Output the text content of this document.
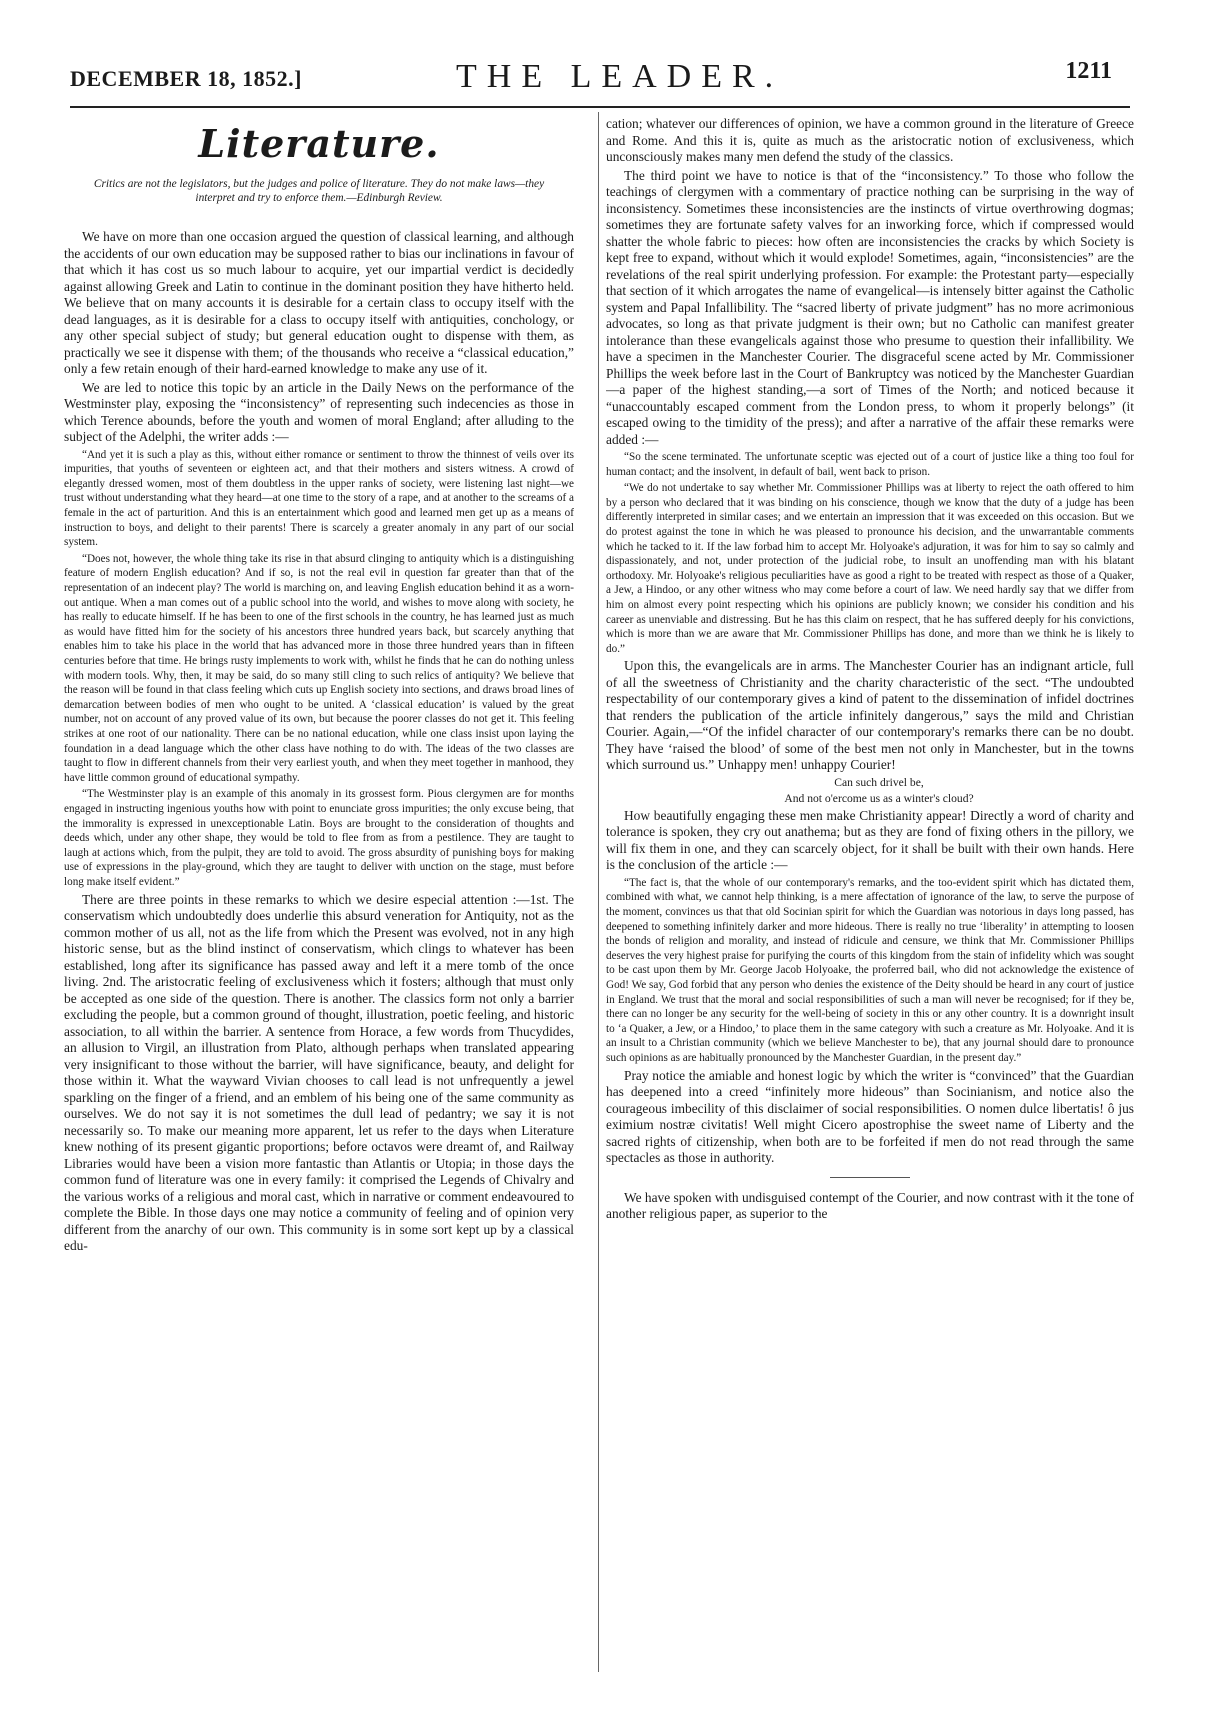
DECEMBER 18, 1852.]	THE LEADER.	1211
Literature.
Critics are not the legislators, but the judges and police of literature. They do not make laws—they interpret and try to enforce them.—Edinburgh Review.

We have on more than one occasion argued the question of classical learning, and although the accidents of our own education may be supposed rather to bias our inclinations in favour of that which it has cost us so much labour to acquire, yet our impartial verdict is decidedly against allowing Greek and Latin to continue in the dominant position they have hitherto held. We believe that on many accounts it is desirable for a certain class to occupy itself with the dead languages, as it is desirable for a class to occupy itself with antiquities, conchology, or any other special subject of study; but general education ought to dispense with them, as practically we see it dispense with them; of the thousands who receive a “classical education,” only a few retain enough of their hard-earned knowledge to make any use of it.

We are led to notice this topic by an article in the Daily News on the performance of the Westminster play, exposing the “inconsistency” of representing such indecencies as those in which Terence abounds, before the youth and women of moral England; after alluding to the subject of the Adelphi, the writer adds :—

“And yet it is such a play as this, without either romance or sentiment to throw the thinnest of veils over its impurities, that youths of seventeen or eighteen act, and that their mothers and sisters witness. A crowd of elegantly dressed women, most of them doubtless in the upper ranks of society, were listening last night—we trust without understanding what they heard—at one time to the story of a rape, and at another to the screams of a female in the act of parturition. And this is an entertainment which good and learned men get up as a means of instruction to boys, and delight to their parents! There is scarcely a greater anomaly in any part of our social system.

“Does not, however, the whole thing take its rise in that absurd clinging to antiquity which is a distinguishing feature of modern English education? And if so, is not the real evil in question far greater than that of the representation of an indecent play? The world is marching on, and leaving English education behind it as a worn-out antique. When a man comes out of a public school into the world, and wishes to move along with society, he has really to educate himself. If he has been to one of the first schools in the country, he has learned just as much as would have fitted him for the society of his ancestors three hundred years back, but scarcely anything that enables him to take his place in the world that has advanced more in those three hundred years than in fifteen centuries before that time. He brings rusty implements to work with, whilst he finds that he can do nothing unless with modern tools. Why, then, it may be said, do so many still cling to such relics of antiquity? We believe that the reason will be found in that class feeling which cuts up English society into sections, and draws broad lines of demarcation between bodies of men who ought to be united. A ‘classical education’ is valued by the great number, not on account of any proved value of its own, but because the poorer classes do not get it. This feeling strikes at one root of our nationality. There can be no national education, while one class insist upon laying the foundation in a dead language which the other class have nothing to do with. The ideas of the two classes are taught to flow in different channels from their very earliest youth, and when they meet together in manhood, they have little common ground of educational sympathy.

“The Westminster play is an example of this anomaly in its grossest form. Pious clergymen are for months engaged in instructing ingenious youths how with point to enunciate gross impurities; the only excuse being, that the immorality is expressed in unexceptionable Latin. Boys are brought to the consideration of thoughts and deeds which, under any other shape, they would be told to flee from as from a pestilence. They are taught to laugh at actions which, from the pulpit, they are told to avoid. The gross absurdity of punishing boys for making use of expressions in the play-ground, which they are taught to deliver with unction on the stage, must before long make itself evident.”

There are three points in these remarks to which we desire especial attention :—1st. The conservatism which undoubtedly does underlie this absurd veneration for Antiquity, not as the common mother of us all, not as the life from which the Present was evolved, not in any high historic sense, but as the blind instinct of conservatism, which clings to whatever has been established, long after its significance has passed away and left it a mere tomb of the once living. 2nd. The aristocratic feeling of exclusiveness which it fosters; although that must only be accepted as one side of the question. There is another. The classics form not only a barrier excluding the people, but a common ground of thought, illustration, poetic feeling, and historic association, to all within the barrier. A sentence from Horace, a few words from Thucydides, an allusion to Virgil, an illustration from Plato, although perhaps when translated appearing very insignificant to those without the barrier, will have significance, beauty, and delight for those within it. What the wayward Vivian chooses to call lead is not unfrequently a jewel sparkling on the finger of a friend, and an emblem of his being one of the same community as ourselves. We do not say it is not sometimes the dull lead of pedantry; we say it is not necessarily so. To make our meaning more apparent, let us refer to the days when Literature knew nothing of its present gigantic proportions; before octavos were dreamt of, and Railway Libraries would have been a vision more fantastic than Atlantis or Utopia; in those days the common fund of literature was one in every family: it comprised the Legends of Chivalry and the various works of a religious and moral cast, which in narrative or comment endeavoured to complete the Bible. In those days one may notice a community of feeling and of opinion very different from the anarchy of our own. This community is in some sort kept up by a classical edu-

cation; whatever our differences of opinion, we have a common ground in the literature of Greece and Rome. And this it is, quite as much as the aristocratic notion of exclusiveness, which unconsciously makes many men defend the study of the classics.

The third point we have to notice is that of the “inconsistency.” To those who follow the teachings of clergymen with a commentary of practice nothing can be surprising in the way of inconsistency. Sometimes these inconsistencies are the instincts of virtue overthrowing dogmas; sometimes they are fortunate safety valves for an inworking force, which if compressed would shatter the whole fabric to pieces: how often are inconsistencies the cracks by which Society is kept free to expand, without which it would explode! Sometimes, again, “inconsistencies” are the revelations of the real spirit underlying profession. For example: the Protestant party—especially that section of it which arrogates the name of evangelical—is intensely bitter against the Catholic system and Papal Infallibility. The “sacred liberty of private judgment” has no more acrimonious advocates, so long as that private judgment is their own; but no Catholic can manifest greater intolerance than these evangelicals against those who presume to question their infallibility. We have a specimen in the Manchester Courier. The disgraceful scene acted by Mr. Commissioner Phillips the week before last in the Court of Bankruptcy was noticed by the Manchester Guardian—a paper of the highest standing,—a sort of Times of the North; and noticed because it “unaccountably escaped comment from the London press, to whom it properly belongs” (it escaped owing to the timidity of the press); and after a narrative of the affair these remarks were added :—

“So the scene terminated. The unfortunate sceptic was ejected out of a court of justice like a thing too foul for human contact; and the insolvent, in default of bail, went back to prison.

“We do not undertake to say whether Mr. Commissioner Phillips was at liberty to reject the oath offered to him by a person who declared that it was binding on his conscience, though we know that the duty of a judge has been differently interpreted in similar cases; and we entertain an impression that it was exceeded on this occasion. But we do protest against the tone in which he was pleased to pronounce his decision, and the unwarrantable comments which he tacked to it. If the law forbad him to accept Mr. Holyoake's adjuration, it was for him to say so calmly and dispassionately, and not, under protection of the judicial robe, to insult an unoffending man with his blatant orthodoxy. Mr. Holyoake's religious peculiarities have as good a right to be treated with respect as those of a Quaker, a Jew, a Hindoo, or any other witness who may come before a court of law. We need hardly say that we differ from him on almost every point respecting which his opinions are publicly known; we consider his condition and his career as unenviable and distressing. But he has this claim on respect, that he has suffered deeply for his convictions, which is more than we are aware that Mr. Commissioner Phillips has done, and more than we think he is likely to do.”

Upon this, the evangelicals are in arms. The Manchester Courier has an indignant article, full of all the sweetness of Christianity and the charity characteristic of the sect. “The undoubted respectability of our contemporary gives a kind of patent to the dissemination of infidel doctrines that renders the publication of the article infinitely dangerous,” says the mild and Christian Courier. Again,—“Of the infidel character of our contemporary's remarks there can be no doubt. They have ‘raised the blood’ of some of the best men not only in Manchester, but in the towns which surround us.” Unhappy men! unhappy Courier!

Can such drivel be,

And not o'ercome us as a winter's cloud?

How beautifully engaging these men make Christianity appear! Directly a word of charity and tolerance is spoken, they cry out anathema; but as they are fond of fixing others in the pillory, we will fix them in one, and they can scarcely object, for it shall be built with their own hands. Here is the conclusion of the article :—

“The fact is, that the whole of our contemporary's remarks, and the too-evident spirit which has dictated them, combined with what, we cannot help thinking, is a mere affectation of ignorance of the law, to serve the purpose of the moment, convinces us that that old Socinian spirit for which the Guardian was notorious in days long passed, has deepened to something infinitely darker and more hideous. There is really no true ‘liberality’ in attempting to loosen the bonds of religion and morality, and instead of ridicule and censure, we think that Mr. Commissioner Phillips deserves the very highest praise for purifying the courts of this kingdom from the stain of infidelity which was sought to be cast upon them by Mr. George Jacob Holyoake, the proferred bail, who did not acknowledge the existence of God! We say, God forbid that any person who denies the existence of the Deity should be heard in any court of justice in England. We trust that the moral and social responsibilities of such a man will never be recognised; for if they be, there can no longer be any security for the well-being of society in this or any other country. It is a downright insult to ‘a Quaker, a Jew, or a Hindoo,’ to place them in the same category with such a creature as Mr. Holyoake. And it is an insult to a Christian community (which we believe Manchester to be), that any journal should dare to pronounce such opinions as are habitually pronounced by the Manchester Guardian, in the present day.”

Pray notice the amiable and honest logic by which the writer is “convinced” that the Guardian has deepened into a creed “infinitely more hideous” than Socinianism, and notice also the courageous imbecility of this disclaimer of social responsibilities. O nomen dulce libertatis! ô jus eximium nostræ civitatis! Well might Cicero apostrophise the sweet name of Liberty and the sacred rights of citizenship, when both are to be forfeited if men do not read through the same spectacles as those in authority.

We have spoken with undisguised contempt of the Courier, and now contrast with it the tone of another religious paper, as superior to the
